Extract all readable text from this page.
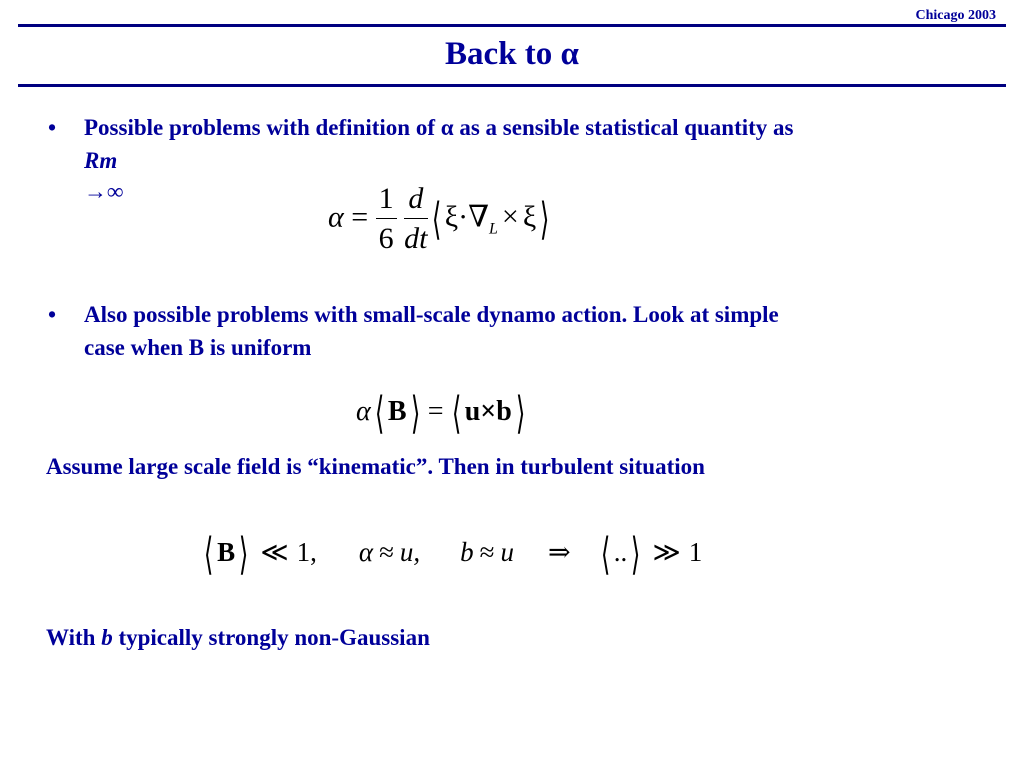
Chicago 2003
Back to α
• Possible problems with definition of α as a sensible statistical quantity as
Rm →∞
$\alpha = \frac{1}{6}$
$\frac{d}{dt}$ ⟨ $\xi\cdot\nabla_L$ × ξ⟩
• Also possible problems with small-scale dynamo action. Look at simple
case when B is uniform
α⟨ B⟩ = ⟨ u×b⟩
Assume large scale field is “kinematic”. Then in turbulent situation
⟨ B⟩ ≪ 1, α ≈ u, b ≈ u ⇒ ⟨ ..⟩ ≫ 1
With b typically strongly non-Gaussian
